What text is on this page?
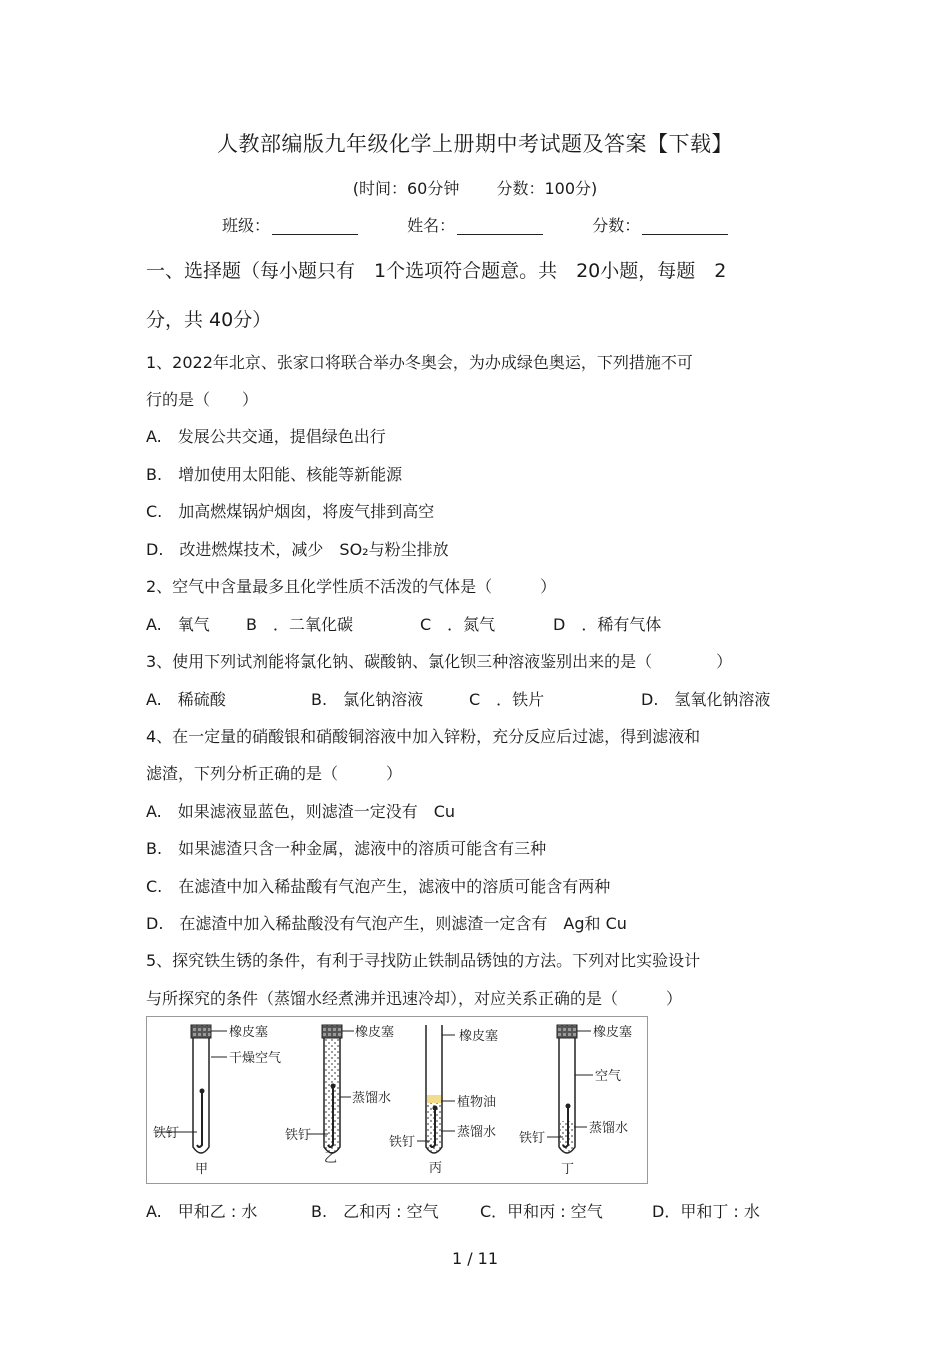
人教部编版九年级化学上册期中考试题及答案【下载】
(时间：60分钟 分数：100分)
班级：	姓名：	分数：
一、选择题（每小题只有　1个选项符合题意。共　20小题，每题　2
分，共 40分）
1、2022年北京、张家口将联合举办冬奥会，为办成绿色奥运，下列措施不可
行的是（　　）
A.　发展公共交通，提倡绿色出行
B.　增加使用太阳能、核能等新能源
C.　加高燃煤锅炉烟囱，将废气排到高空
D.　改进燃煤技术，减少　SO₂与粉尘排放
2、空气中含量最多且化学性质不活泼的气体是（　　　）
A.　氧气 B　．二氧化碳	C　．氮气	D　．稀有气体
3、使用下列试剂能将氯化钠、碳酸钠、氯化钡三种溶液鉴别出来的是（　　　　）
A.　稀硫酸	B.　氯化钠溶液	C　．铁片	D.　氢氧化钠溶液
4、在一定量的硝酸银和硝酸铜溶液中加入锌粉，充分反应后过滤，得到滤液和
滤渣，下列分析正确的是（　　　）
A.　如果滤液显蓝色，则滤渣一定没有　Cu
B.　如果滤渣只含一种金属，滤液中的溶质可能含有三种
C.　在滤渣中加入稀盐酸有气泡产生，滤液中的溶质可能含有两种
D.　在滤渣中加入稀盐酸没有气泡产生，则滤渣一定含有　Ag和 Cu
5、探究铁生锈的条件，有利于寻找防止铁制品锈蚀的方法。下列对比实验设计
与所探究的条件（蒸馏水经煮沸并迅速冷却），对应关系正确的是（　　　）
橡皮塞
干燥空气
铁钉
甲
橡皮塞
蒸馏水
铁钉
乙
橡皮塞
植物油
蒸馏水
铁钉
丙
橡皮塞
空气
蒸馏水
铁钉
丁
A.　甲和乙 : 水	B.　乙和丙 : 空气	C．甲和丙 : 空气	D．甲和丁 : 水
1 / 11
